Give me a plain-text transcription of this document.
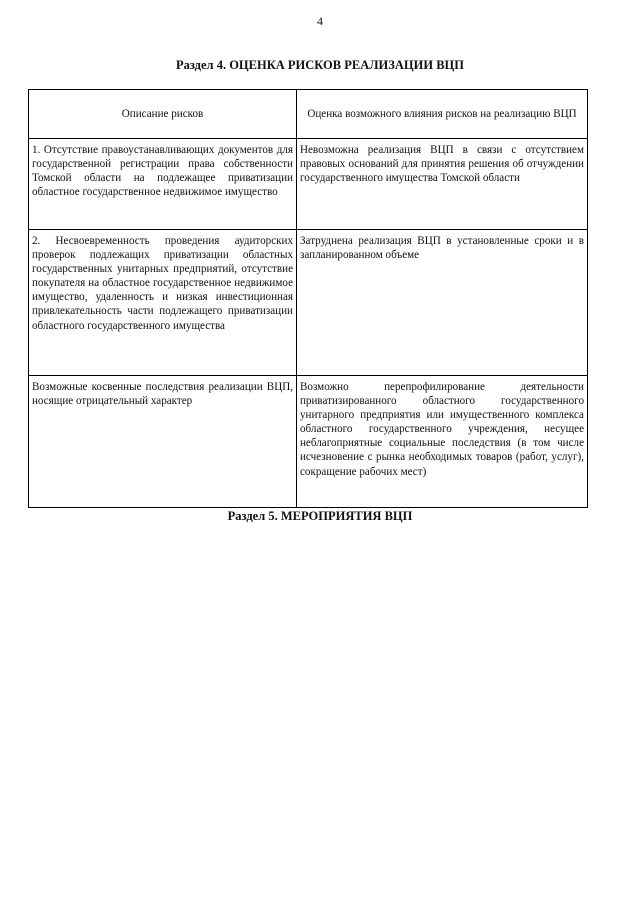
4
Раздел 4. ОЦЕНКА РИСКОВ РЕАЛИЗАЦИИ ВЦП
Описание рисков	Оценка возможного влияния рисков на реализацию ВЦП
1. Отсутствие правоустанавливающих документов для государственной регистрации права собственности Томской области на подлежащее приватизации областное государственное недвижимое имущество	Невозможна реализация ВЦП в связи с отсутствием правовых оснований для принятия решения об отчуждении государственного имущества Томской области
2. Несвоевременность проведения аудиторских проверок подлежащих приватизации областных государственных унитарных предприятий, отсутствие покупателя на областное государственное недвижимое имущество, удаленность и низкая инвестиционная привлекательность части подлежащего приватизации областного государственного имущества	Затруднена реализация ВЦП в установленные сроки и в запланированном объеме
Возможные косвенные последствия реализации ВЦП, носящие отрицательный характер	Возможно перепрофилирование деятельности приватизированного областного государственного унитарного предприятия или имущественного комплекса областного государственного учреждения, несущее неблагоприятные социальные последствия (в том числе исчезновение с рынка необходимых товаров (работ, услуг), сокращение рабочих мест)
Раздел 5. МЕРОПРИЯТИЯ ВЦП
